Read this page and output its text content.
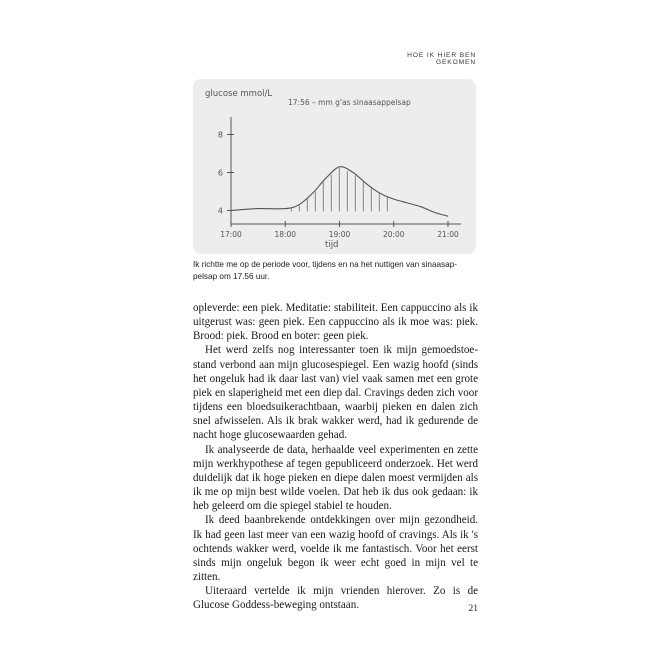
HOE IK HIER BEN GEKOMEN
glucose mmol/L
17:56 – mm g'as sinaasappelsap
8
6
4
17:00	18:00	19:00	20:00	21:00
tijd
Ik richtte me op de periode voor, tijdens en na het nuttigen van sinaasap-pelsap om 17.56 uur.

opleverde: een piek. Meditatie: stabiliteit. Een cappuccino als ik uitgerust was: geen piek. Een cappuccino als ik moe was: piek. Brood: piek. Brood en boter: geen piek.

Het werd zelfs nog interessanter toen ik mijn gemoedstoe-stand verbond aan mijn glucosespiegel. Een wazig hoofd (sinds het ongeluk had ik daar last van) viel vaak samen met een grote piek en slaperigheid met een diep dal. Cravings deden zich voor tijdens een bloedsuikerachtbaan, waarbij pieken en dalen zich snel afwisselen. Als ik brak wakker werd, had ik gedurende de nacht hoge glucosewaarden gehad.

Ik analyseerde de data, herhaalde veel experimenten en zette mijn werkhypothese af tegen gepubliceerd onderzoek. Het werd duidelijk dat ik hoge pieken en diepe dalen moest vermijden als ik me op mijn best wilde voelen. Dat heb ik dus ook gedaan: ik heb geleerd om die spiegel stabiel te houden.

Ik deed baanbrekende ontdekkingen over mijn gezondheid. Ik had geen last meer van een wazig hoofd of cravings. Als ik 's ochtends wakker werd, voelde ik me fantastisch. Voor het eerst sinds mijn ongeluk begon ik weer echt goed in mijn vel te zitten.

Uiteraard vertelde ik mijn vrienden hierover. Zo is de Glucose Goddess-beweging ontstaan.	21
